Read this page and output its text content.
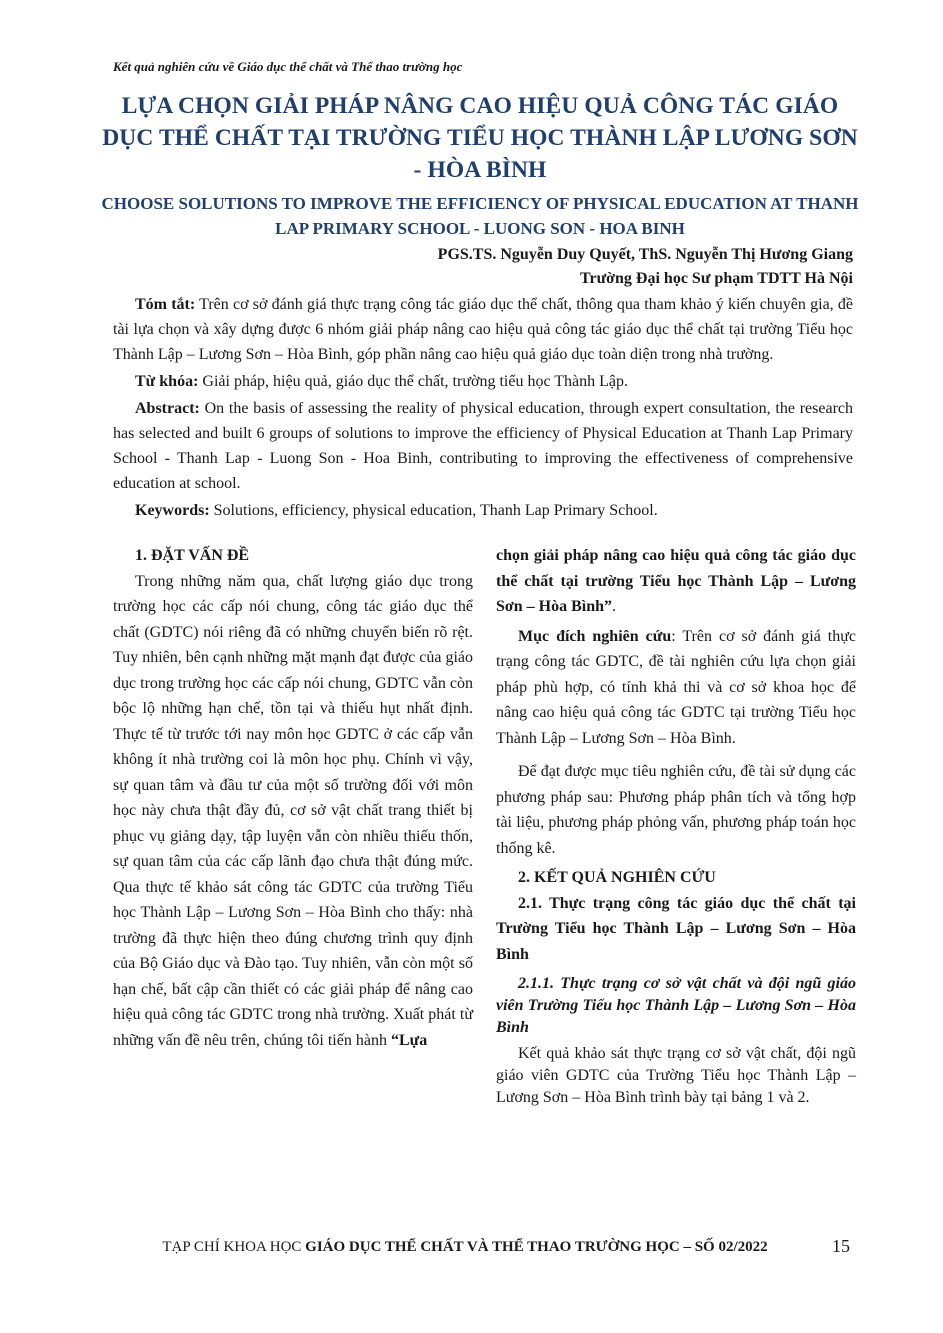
Kết quả nghiên cứu về Giáo dục thể chất và Thể thao trường học
LỰA CHỌN GIẢI PHÁP NÂNG CAO HIỆU QUẢ CÔNG TÁC GIÁO DỤC THỂ CHẤT TẠI TRƯỜNG TIỂU HỌC THÀNH LẬP LƯƠNG SƠN - HÒA BÌNH
CHOOSE SOLUTIONS TO IMPROVE THE EFFICIENCY OF PHYSICAL EDUCATION AT THANH LAP PRIMARY SCHOOL - LUONG SON - HOA BINH
PGS.TS. Nguyễn Duy Quyết, ThS. Nguyễn Thị Hương Giang
Trường Đại học Sư phạm TDTT Hà Nội

Tóm tắt: Trên cơ sở đánh giá thực trạng công tác giáo dục thể chất, thông qua tham khảo ý kiến chuyên gia, đề tài lựa chọn và xây dựng được 6 nhóm giải pháp nâng cao hiệu quả công tác giáo dục thể chất tại trường Tiểu học Thành Lập – Lương Sơn – Hòa Bình, góp phần nâng cao hiệu quả giáo dục toàn diện trong nhà trường.

Từ khóa: Giải pháp, hiệu quả, giáo dục thể chất, trường tiểu học Thành Lập.

Abstract: On the basis of assessing the reality of physical education, through expert consultation, the research has selected and built 6 groups of solutions to improve the efficiency of Physical Education at Thanh Lap Primary School - Thanh Lap - Luong Son - Hoa Binh, contributing to improving the effectiveness of comprehensive education at school.

Keywords: Solutions, efficiency, physical education, Thanh Lap Primary School.

1. ĐẶT VẤN ĐỀ

Trong những năm qua, chất lượng giáo dục trong trường học các cấp nói chung, công tác giáo dục thể chất (GDTC) nói riêng đã có những chuyển biến rõ rệt. Tuy nhiên, bên cạnh những mặt mạnh đạt được của giáo dục trong trường học các cấp nói chung, GDTC vẫn còn bộc lộ những hạn chế, tồn tại và thiếu hụt nhất định. Thực tế từ trước tới nay môn học GDTC ở các cấp vẫn không ít nhà trường coi là môn học phụ. Chính vì vậy, sự quan tâm và đầu tư của một số trường đối với môn học này chưa thật đầy đủ, cơ sở vật chất trang thiết bị phục vụ giảng dạy, tập luyện vẫn còn nhiều thiếu thốn, sự quan tâm của các cấp lãnh đạo chưa thật đúng mức. Qua thực tế khảo sát công tác GDTC của trường Tiểu học Thành Lập – Lương Sơn – Hòa Bình cho thấy: nhà trường đã thực hiện theo đúng chương trình quy định của Bộ Giáo dục và Đào tạo. Tuy nhiên, vẫn còn một số hạn chế, bất cập cần thiết có các giải pháp để nâng cao hiệu quả công tác GDTC trong nhà trường. Xuất phát từ những vấn đề nêu trên, chúng tôi tiến hành “Lựa

chọn giải pháp nâng cao hiệu quả công tác giáo dục thể chất tại trường Tiểu học Thành Lập – Lương Sơn – Hòa Bình”.

Mục đích nghiên cứu: Trên cơ sở đánh giá thực trạng công tác GDTC, đề tài nghiên cứu lựa chọn giải pháp phù hợp, có tính khả thi và cơ sở khoa học để nâng cao hiệu quả công tác GDTC tại trường Tiểu học Thành Lập – Lương Sơn – Hòa Bình.

Để đạt được mục tiêu nghiên cứu, đề tài sử dụng các phương pháp sau: Phương pháp phân tích và tổng hợp tài liệu, phương pháp phỏng vấn, phương pháp toán học thống kê.

2. KẾT QUẢ NGHIÊN CỨU

2.1. Thực trạng công tác giáo dục thể chất tại Trường Tiểu học Thành Lập – Lương Sơn – Hòa Bình

2.1.1. Thực trạng cơ sở vật chất và đội ngũ giáo viên Trường Tiểu học Thành Lập – Lương Sơn – Hòa Bình

Kết quả khảo sát thực trạng cơ sở vật chất, đội ngũ giáo viên GDTC của Trường Tiểu học Thành Lập – Lương Sơn – Hòa Bình trình bày tại bảng 1 và 2.

TẠP CHÍ KHOA HỌC GIÁO DỤC THỂ CHẤT VÀ THỂ THAO TRƯỜNG HỌC – SỐ 02/2022	15
